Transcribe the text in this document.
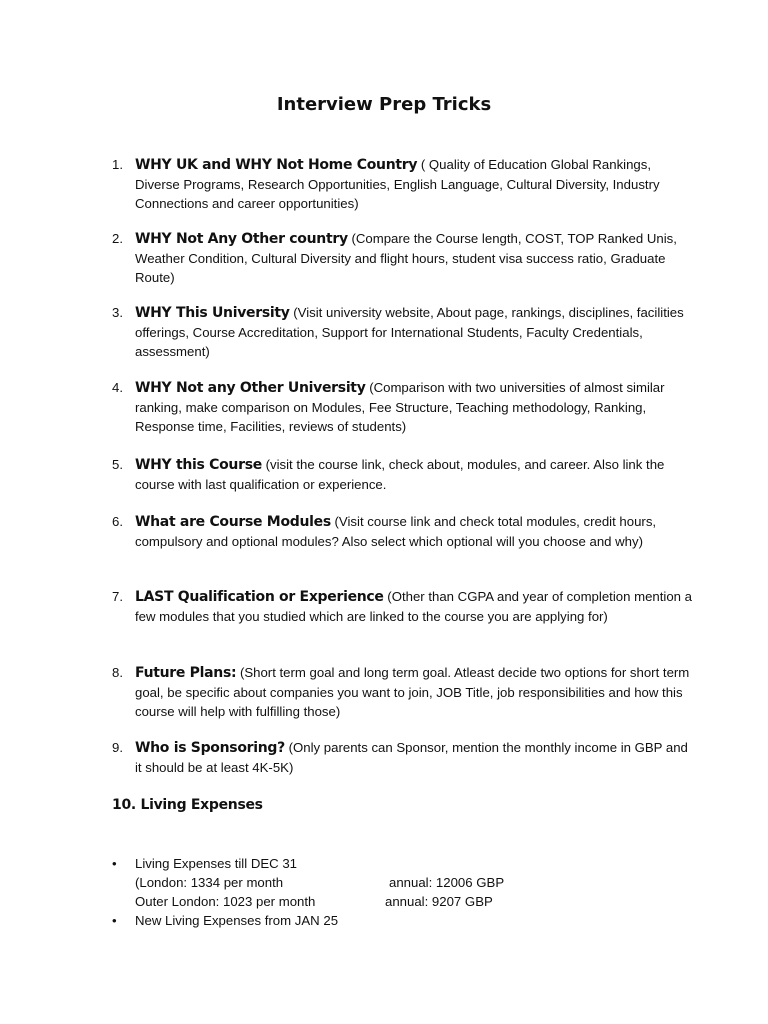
Interview Prep Tricks
1. WHY UK and WHY Not Home Country ( Quality of Education Global Rankings, Diverse Programs, Research Opportunities, English Language, Cultural Diversity, Industry Connections and career opportunities)
2. WHY Not Any Other country (Compare the Course length, COST, TOP Ranked Unis, Weather Condition, Cultural Diversity and flight hours, student visa success ratio, Graduate Route)
3. WHY This University (Visit university website, About page, rankings, disciplines, facilities offerings, Course Accreditation, Support for International Students, Faculty Credentials, assessment)
4. WHY Not any Other University (Comparison with two universities of almost similar ranking, make comparison on Modules, Fee Structure, Teaching methodology, Ranking, Response time, Facilities, reviews of students)
5. WHY this Course (visit the course link, check about, modules, and career. Also link the course with last qualification or experience.
6. What are Course Modules (Visit course link and check total modules, credit hours, compulsory and optional modules? Also select which optional will you choose and why)
7. LAST Qualification or Experience (Other than CGPA and year of completion mention a few modules that you studied which are linked to the course you are applying for)
8. Future Plans: (Short term goal and long term goal. Atleast decide two options for short term goal, be specific about companies you want to join, JOB Title, job responsibilities and how this course will help with fulfilling those)
9. Who is Sponsoring? (Only parents can Sponsor, mention the monthly income in GBP and it should be at least 4K-5K)
10. Living Expenses
• Living Expenses till DEC 31
(London: 1334 per month	annual: 12006 GBP
Outer London: 1023 per month	annual: 9207 GBP
• New Living Expenses from JAN 25
